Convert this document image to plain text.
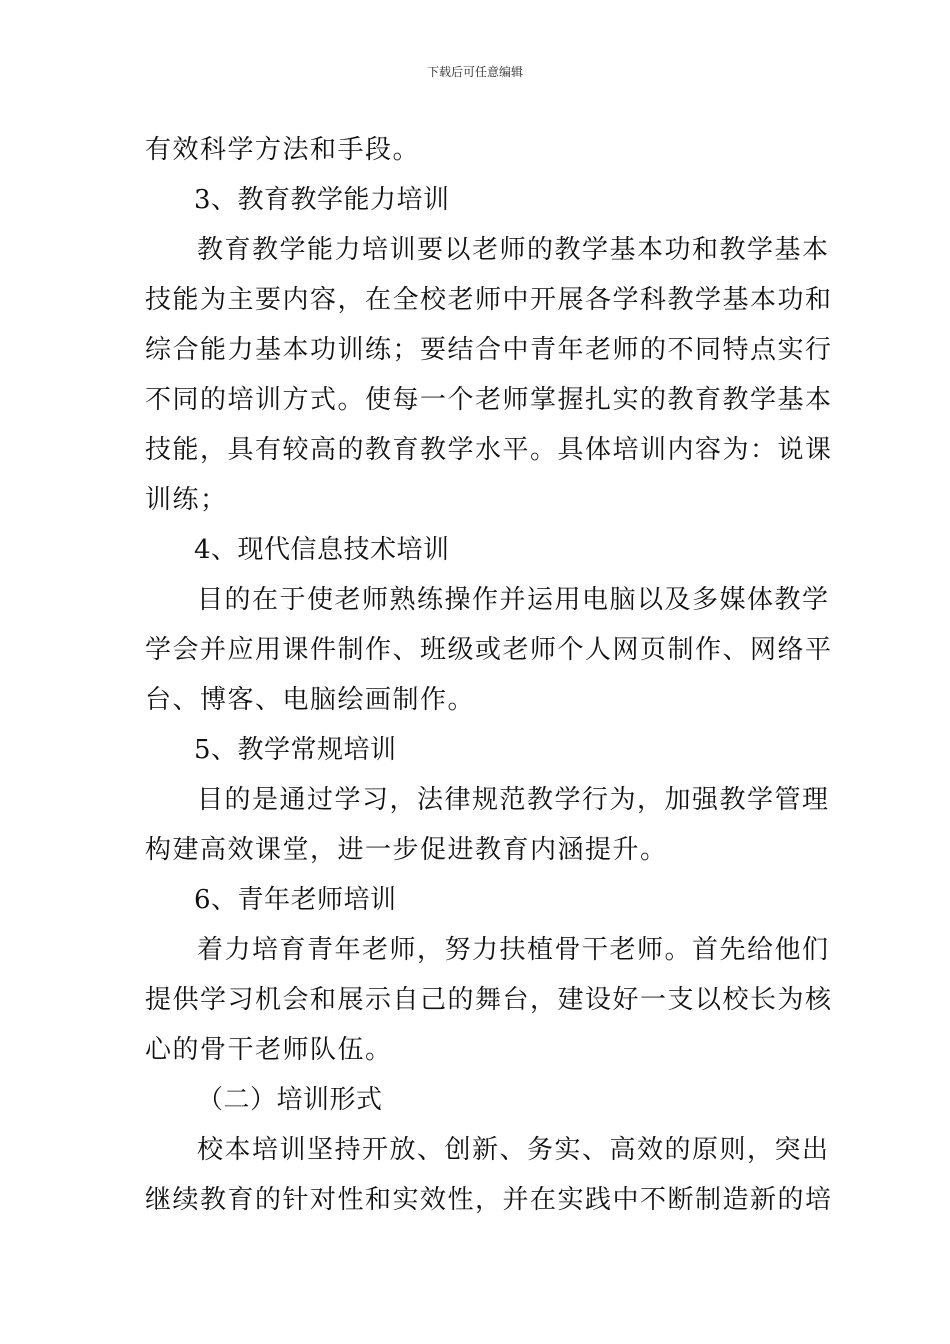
下载后可任意编辑
有效科学方法和手段。
3、教育教学能力培训
教育教学能力培训要以老师的教学基本功和教学基本
技能为主要内容，在全校老师中开展各学科教学基本功和
综合能力基本功训练；要结合中青年老师的不同特点实行
不同的培训方式。使每一个老师掌握扎实的教育教学基本
技能，具有较高的教育教学水平。具体培训内容为：说课
训练；
4、现代信息技术培训
目的在于使老师熟练操作并运用电脑以及多媒体教学
学会并应用课件制作、班级或老师个人网页制作、网络平
台、博客、电脑绘画制作。
5、教学常规培训
目的是通过学习，法律规范教学行为，加强教学管理
构建高效课堂，进一步促进教育内涵提升。
6、青年老师培训
着力培育青年老师，努力扶植骨干老师。首先给他们
提供学习机会和展示自己的舞台，建设好一支以校长为核
心的骨干老师队伍。
（二）培训形式
校本培训坚持开放、创新、务实、高效的原则，突出
继续教育的针对性和实效性，并在实践中不断制造新的培
